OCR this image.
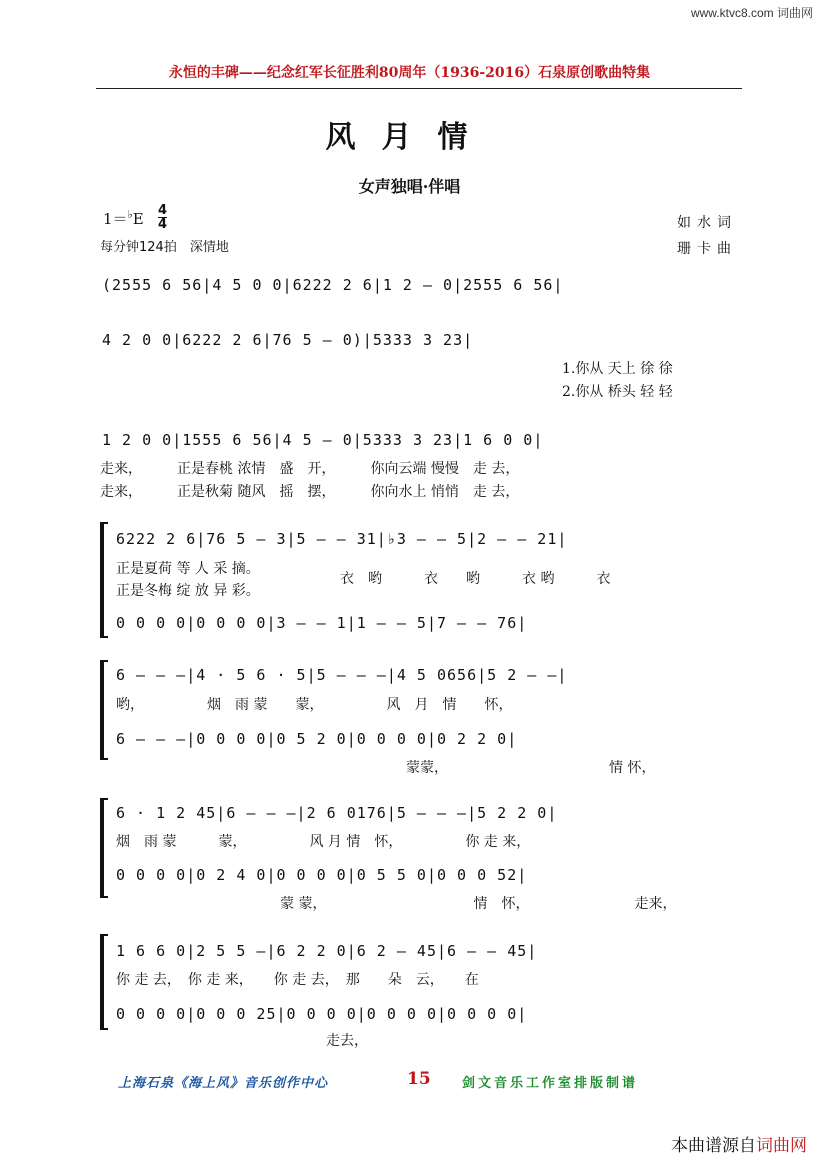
www.ktvc8.com 词曲网
永恒的丰碑——纪念红军长征胜利80周年（1936-2016）石泉原创歌曲特集
风月情
女声独唱·伴唱
1＝♭E 4
4
每分钟124拍　深情地
如水词
珊卡曲
(2555 6 56|4 5 0 0|6222 2 6|1 2 – 0|2555 6 56|
4 2 0 0|6222 2 6|76 5 – 0)|5333 3 23|
1.你从 天上 徐 徐
2.你从 桥头 轻 轻
1 2 0 0|1555 6 56|4 5 – 0|5333 3 23|1 6 0 0|
走来，　　　正是春桃 浓情　盛　开，　　　你向云端 慢慢　走 去，
走来，　　　正是秋菊 随风　摇　摆，　　　你向水上 悄悄　走 去，
6222 2 6|76 5 – 3|5 – – 31|♭3 – – 5|2 – – 21|
正是夏荷 等 人 采 摘。
正是冬梅 绽 放 异 彩。
衣　哟　　　衣　　哟　　　衣 哟　　　衣
0 0 0 0|0 0 0 0|3 – – 1|1 – – 5|7 – – 76|
6 – – –|4 · 5 6 · 5|5 – – –|4 5 0656|5 2 – –|
哟，　　　　　烟　雨 蒙　　蒙，　　　　　风　月　情　　怀，
6 – – –|0 0 0 0|0 5 2 0|0 0 0 0|0 2 2 0|
蒙蒙，　　　　　　　　　　　　情 怀，
6 · 1 2 45|6 – – –|2 6 0176|5 – – –|5 2 2 0|
烟　雨 蒙　　　蒙，　　　　　风 月 情　怀，　　　　　你 走 来，
0 0 0 0|0 2 4 0|0 0 0 0|0 5 5 0|0 0 0 52|
蒙 蒙，　　　　　　　　　　　情　怀，　　　　　　　　走来，
1 6 6 0|2 5 5 –|6 2 2 0|6 2 – 45|6 – – 45|
你 走 去，　你 走 来，　　你 走 去，　那　　朵　云，　　在
0 0 0 0|0 0 0 25|0 0 0 0|0 0 0 0|0 0 0 0|
走去，
上海石泉《海上风》音乐创作中心	15 剑文音乐工作室排版制谱
本曲谱源自词曲网
